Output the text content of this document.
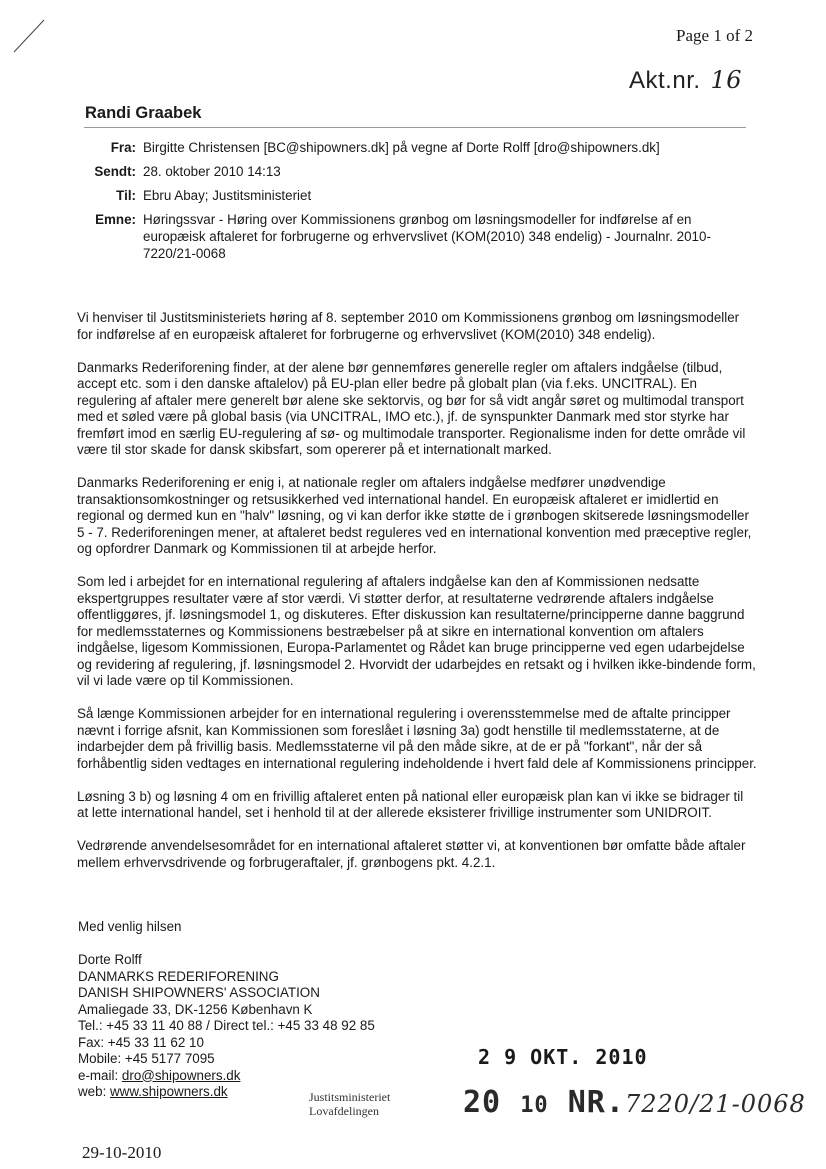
Page 1 of 2
Akt.nr. 16
Randi Graabek
Fra: Birgitte Christensen [BC@shipowners.dk] på vegne af Dorte Rolff [dro@shipowners.dk]
Sendt: 28. oktober 2010 14:13
Til: Ebru Abay; Justitsministeriet
Emne: Høringssvar - Høring over Kommissionens grønbog om løsningsmodeller for indførelse af en europæisk aftaleret for forbrugerne og erhvervslivet (KOM(2010) 348 endelig) - Journalnr. 2010-7220/21-0068

Vi henviser til Justitsministeriets høring af 8. september 2010 om Kommissionens grønbog om løsningsmodeller for indførelse af en europæisk aftaleret for forbrugerne og erhvervslivet (KOM(2010) 348 endelig).

Danmarks Rederiforening finder, at der alene bør gennemføres generelle regler om aftalers indgåelse (tilbud, accept etc. som i den danske aftalelov) på EU-plan eller bedre på globalt plan (via f.eks. UNCITRAL). En regulering af aftaler mere generelt bør alene ske sektorvis, og bør for så vidt angår søret og multimodal transport med et søled være på global basis (via UNCITRAL, IMO etc.), jf. de synspunkter Danmark med stor styrke har fremført imod en særlig EU-regulering af sø- og multimodale transporter. Regionalisme inden for dette område vil være til stor skade for dansk skibsfart, som opererer på et internationalt marked.

Danmarks Rederiforening er enig i, at nationale regler om aftalers indgåelse medfører unødvendige transaktionsomkostninger og retsusikkerhed ved international handel. En europæisk aftaleret er imidlertid en regional og dermed kun en "halv" løsning, og vi kan derfor ikke støtte de i grønbogen skitserede løsningsmodeller 5 - 7. Rederiforeningen mener, at aftaleret bedst reguleres ved en international konvention med præceptive regler, og opfordrer Danmark og Kommissionen til at arbejde herfor.

Som led i arbejdet for en international regulering af aftalers indgåelse kan den af Kommissionen nedsatte ekspertgruppes resultater være af stor værdi. Vi støtter derfor, at resultaterne vedrørende aftalers indgåelse offentliggøres, jf. løsningsmodel 1, og diskuteres. Efter diskussion kan resultaterne/principperne danne baggrund for medlemsstaternes og Kommissionens bestræbelser på at sikre en international konvention om aftalers indgåelse, ligesom Kommissionen, Europa-Parlamentet og Rådet kan bruge principperne ved egen udarbejdelse og revidering af regulering, jf. løsningsmodel 2. Hvorvidt der udarbejdes en retsakt og i hvilken ikke-bindende form, vil vi lade være op til Kommissionen.

Så længe Kommissionen arbejder for en international regulering i overensstemmelse med de aftalte principper nævnt i forrige afsnit, kan Kommissionen som foreslået i løsning 3a) godt henstille til medlemsstaterne, at de indarbejder dem på frivillig basis. Medlemsstaterne vil på den måde sikre, at de er på "forkant", når der så forhåbentlig siden vedtages en international regulering indeholdende i hvert fald dele af Kommissionens principper.

Løsning 3 b) og løsning 4 om en frivillig aftaleret enten på national eller europæisk plan kan vi ikke se bidrager til at lette international handel, set i henhold til at der allerede eksisterer frivillige instrumenter som UNIDROIT.

Vedrørende anvendelsesområdet for en international aftaleret støtter vi, at konventionen bør omfatte både aftaler mellem erhvervsdrivende og forbrugeraftaler, jf. grønbogens pkt. 4.2.1.

Med venlig hilsen
Dorte Rolff
DANMARKS REDERIFORENING
DANISH SHIPOWNERS' ASSOCIATION
Amaliegade 33, DK-1256 København K
Tel.: +45 33 11 40 88 / Direct tel.: +45 33 48 92 85
Fax: +45 33 11 62 10
Mobile: +45 5177 7095
e-mail: dro@shipowners.dk
web: www.shipowners.dk
2 9 OKT. 2010
Justitsministeriet
Lovafdelingen	20 10 NR.7220/21-0068
29-10-2010
